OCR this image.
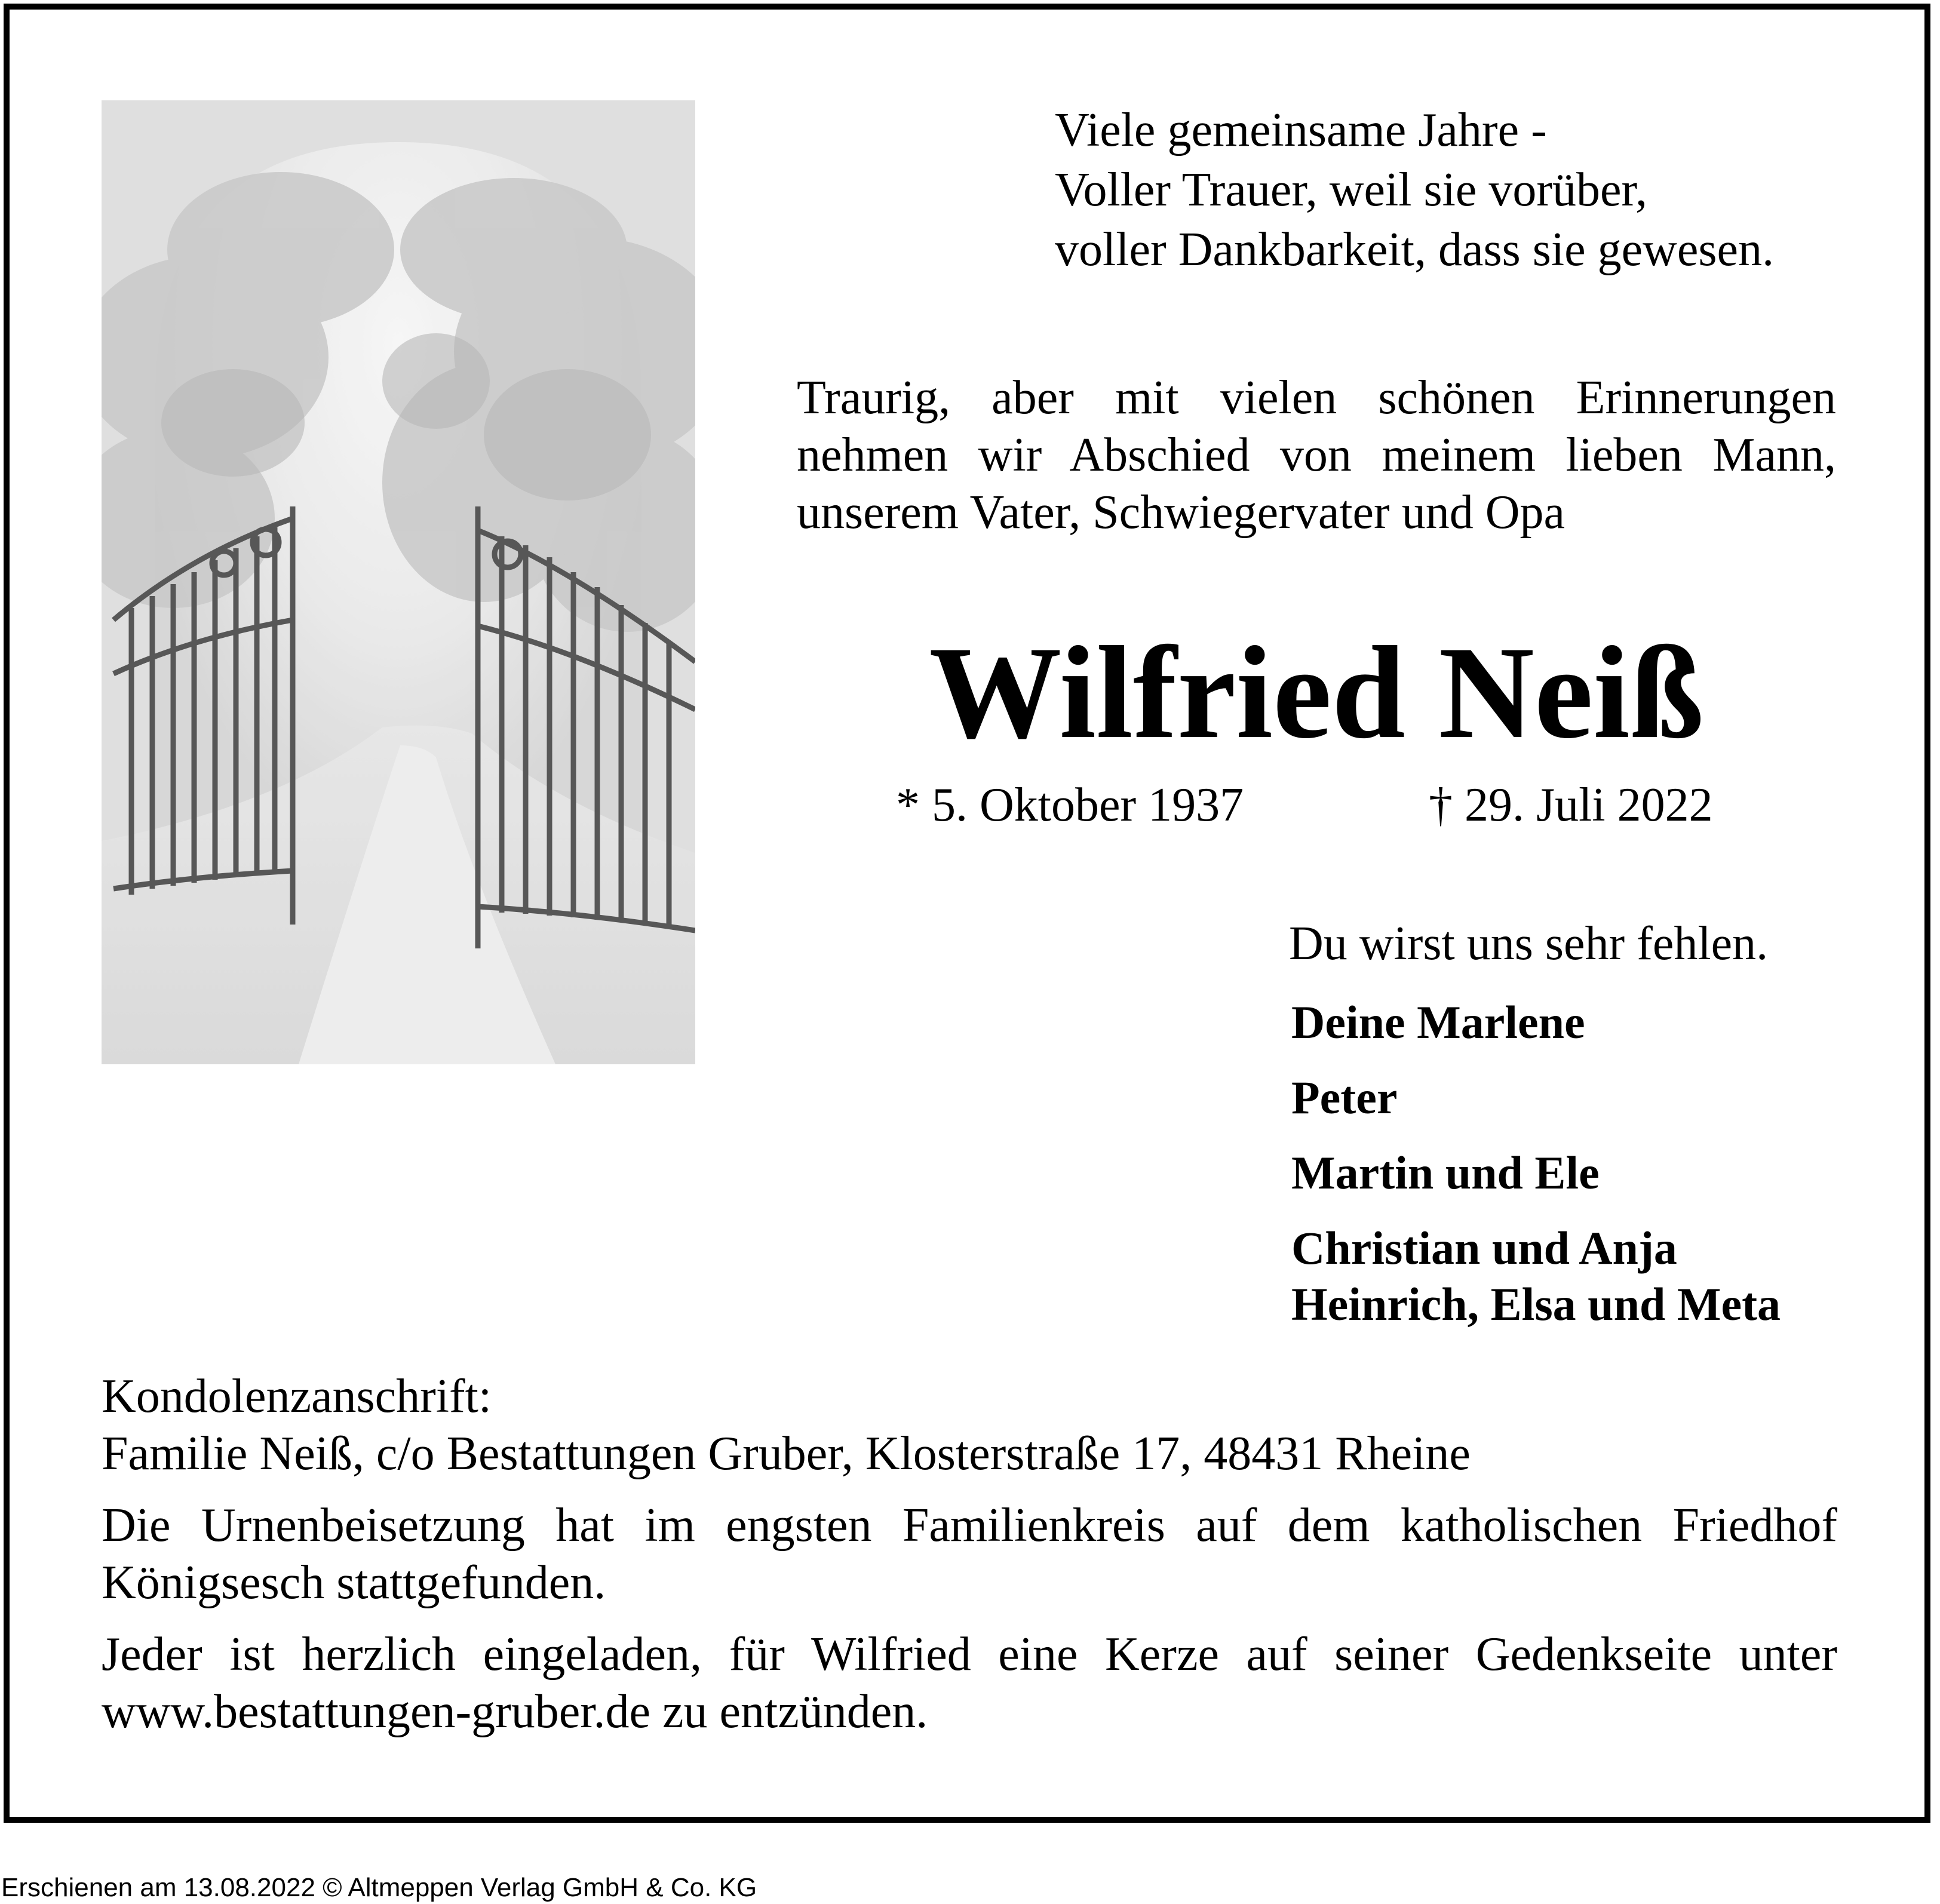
Viele gemeinsame Jahre -
Voller Trauer, weil sie vorüber,
voller Dankbarkeit, dass sie gewesen.
Traurig, aber mit vielen schönen Erinnerungen
nehmen wir Abschied von meinem lieben Mann,
unserem Vater, Schwiegervater und Opa
Wilfried Neiß
* 5. Oktober 1937	† 29. Juli 2022
Du wirst uns sehr fehlen.
Deine Marlene
Peter
Martin und Ele
Christian und Anja
Heinrich, Elsa und Meta
Kondolenzanschrift:
Familie Neiß, c/o Bestattungen Gruber, Klosterstraße 17, 48431 Rheine
Die Urnenbeisetzung hat im engsten Familienkreis auf dem katholischen Friedhof
Königsesch stattgefunden.
Jeder ist herzlich eingeladen, für Wilfried eine Kerze auf seiner Gedenkseite unter
www.bestattungen-gruber.de zu entzünden.
Erschienen am 13.08.2022 © Altmeppen Verlag GmbH & Co. KG
